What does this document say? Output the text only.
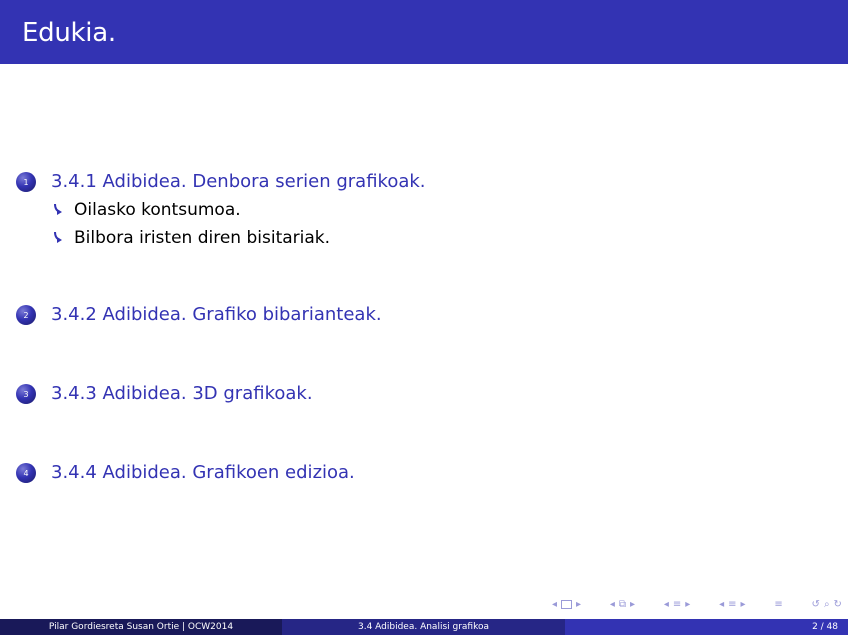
Edukia.
1	3.4.1 Adibidea. Denbora serien grafikoak.
Oilasko kontsumoa.
Bilbora iristen diren bisitariak.
2	3.4.2 Adibidea. Grafiko bibarianteak.
3	3.4.3 Adibidea. 3D grafikoak.
4	3.4.4 Adibidea. Grafikoen edizioa.
◂ ▸	◂ ⧉ ▸	◂ ≡ ▸	◂ ≡ ▸	≡	↺ ⌕ ↻
Pilar Gordiesreta Susan Ortie | OCW2014	3.4 Adibidea. Analisi grafikoa	2 / 48
